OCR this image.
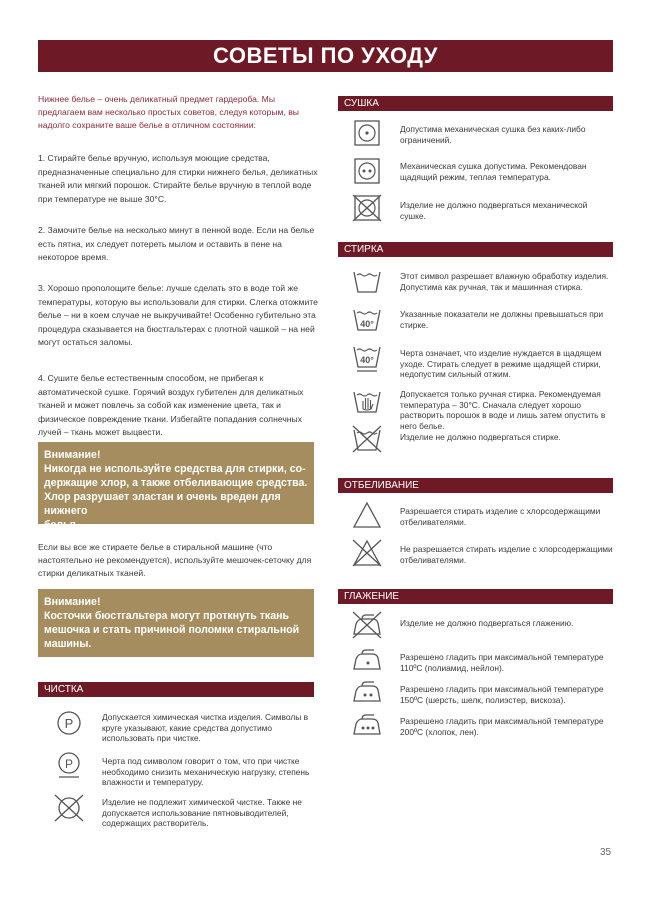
СОВЕТЫ ПО УХОДУ
Нижнее белье – очень деликатный предмет гардероба. Мы предлагаем вам несколько простых советов, следуя которым, вы надолго сохраните ваше белье в отличном состоянии:
1. Стирайте белье вручную, используя моющие средства, предназначенные специально для стирки нижнего белья, деликатных тканей или мягкий порошок. Стирайте белье вручную в теплой воде при температуре не выше 30°С.
2. Замочите белье на несколько минут в пенной воде. Если на белье есть пятна, их следует потереть мылом и оставить в пене на некоторое время.
3. Хорошо прополощите белье: лучше сделать это в воде той же температуры, которую вы использовали для стирки. Слегка отожмите белье – ни в коем случае не выкручивайте! Особенно губительно эта процедура сказывается на бюстгальтерах с плотной чашкой – на ней могут остаться заломы.
4. Сушите белье естественным способом, не прибегая к автоматической сушке. Горячий воздух губителен для деликатных тканей и может повлечь за собой как изменение цвета, так и физическое повреждение ткани. Избегайте попадания солнечных лучей – ткань может выцвести.
Внимание!
Никогда не используйте средства для стирки, со-
держащие хлор, а также отбеливающие средства.
Хлор разрушает эластан и очень вреден для нижнего
белья.
Если вы все же стираете белье в стиральной машине (что настоятельно не рекомендуется), используйте мешочек-сеточку для стирки деликатных тканей.
Внимание!
Косточки бюстгальтера могут проткнуть ткань
мешочка и стать причиной поломки стиральной
машины.
ЧИСТКА
P	Допускается химическая чистка изделия. Символы в круге указывают, какие средства допустимо использовать при чистке.
P	Черта под символом говорит о том, что при чистке необходимо снизить механическую нагрузку, степень влажности и температуру.
Изделие не подлежит химической чистке. Также не допускается использование пятновыводителей, содержащих растворитель.
СУШКА
Допустима механическая сушка без каких-либо ограничений.
Механическая сушка допустима. Рекомендован щадящий режим, теплая температура.
Изделие не должно подвергаться механической сушке.
СТИРКА
Этот символ разрешает влажную обработку изделия. Допустима как ручная, так и машинная стирка.
40°
Указанные показатели не должны превышаться при стирке.
40°
Черта означает, что изделие нуждается в щадящем уходе. Стирать следует в режиме щадящей стирки, недопустим сильный отжим.
Допускается только ручная стирка. Рекомендуемая температура – 30°С. Сначала следует хорошо растворить порошок в воде и лишь затем опустить в него белье.
Изделие не должно подвергаться стирке.
ОТБЕЛИВАНИЕ
Разрешается стирать изделие с хлорсодержащими отбеливателями.
Не разрешается стирать изделие с хлорсодержащими отбеливателями.
ГЛАЖЕНИЕ
Изделие не должно подвергаться глажению.
Разрешено гладить при максимальной температуре 110ºС (полиамид, нейлон).
Разрешено гладить при максимальной температуре 150ºС (шерсть, шелк, полиэстер, вискоза).
Разрешено гладить при максимальной температуре 200ºС (хлопок, лен).
35
